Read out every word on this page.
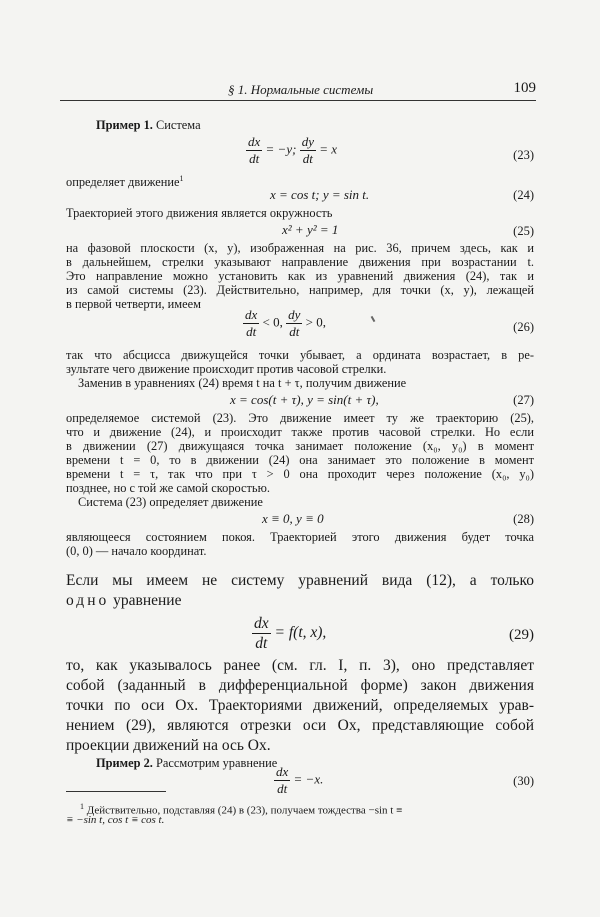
§ 1. Нормальные системы	109
Пример 1. Система
$\frac{dx}{dt} = -y$; $\frac{dy}{dt} = x$	(23)
определяет движение$^1$
x = cos t; y = sin t.	(24)
Траекторией этого движения является окружность
x² + y² = 1	(25)
на фазовой плоскости (x, y), изображенная на рис. 36, причем здесь, как и
в дальнейшем, стрелки указывают направление движения при возрастании t.
Это направление можно установить как из уравнений движения (24), так и
из самой системы (23). Действительно, например, для точки (x, y), лежащей
в первой четверти, имеем
$\frac{dx}{dt} < 0$, $\frac{dy}{dt} > 0$,	(26)
так что абсцисса движущейся точки убывает, а ордината возрастает, в ре-
зультате чего движение происходит против часовой стрелки.
Заменив в уравнениях (24) время t на t + τ, получим движение
x = cos(t + τ), y = sin(t + τ),	(27)
определяемое системой (23). Это движение имеет ту же траекторию (25),
что и движение (24), и происходит также против часовой стрелки. Но если
в движении (27) движущаяся точка занимает положение (x₀, y₀) в момент
времени t = 0, то в движении (24) она занимает это положение в момент
времени t = τ, так что при τ > 0 она проходит через положение (x₀, y₀)
позднее, но с той же самой скоростью.
Система (23) определяет движение
x ≡ 0, y ≡ 0	(28)
являющееся состоянием покоя. Траекторией этого движения будет точка
(0, 0) — начало координат.
Если мы имеем не систему уравнений вида (12), а только
одно уравнение
$\frac{dx}{dt} = f(t$, x),	(29)
то, как указывалось ранее (см. гл. I, п. 3), оно представляет
собой (заданный в дифференциальной форме) закон движения
точки по оси Ox. Траекториями движений, определяемых урав-
нением (29), являются отрезки оси Ox, представляющие собой
проекции движений на ось Ox.
Пример 2. Рассмотрим уравнение
$\frac{dx}{dt} = -x$.	(30)
$^1$ Действительно, подставляя (24) в (23), получаем тождества −sin t ≡
≡ −sin t, cos t ≡ cos t.
